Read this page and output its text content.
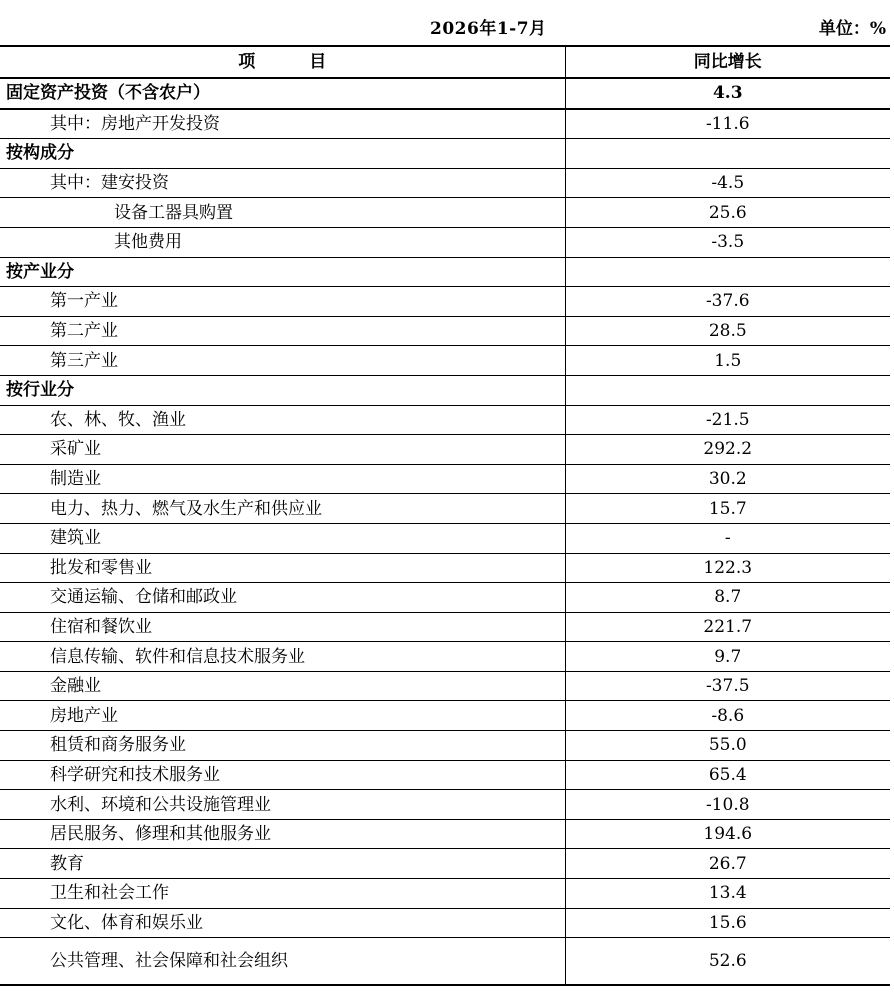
2026年1-7月	单位：%
项 目	同比增长
固定资产投资（不含农户）	4.3
其中：房地产开发投资	-11.6
按构成分	
其中：建安投资	-4.5
设备工器具购置	25.6
其他费用	-3.5
按产业分	
第一产业	-37.6
第二产业	28.5
第三产业	1.5
按行业分	
农、林、牧、渔业	-21.5
采矿业	292.2
制造业	30.2
电力、热力、燃气及水生产和供应业	15.7
建筑业	-
批发和零售业	122.3
交通运输、仓储和邮政业	8.7
住宿和餐饮业	221.7
信息传输、软件和信息技术服务业	9.7
金融业	-37.5
房地产业	-8.6
租赁和商务服务业	55.0
科学研究和技术服务业	65.4
水利、环境和公共设施管理业	-10.8
居民服务、修理和其他服务业	194.6
教育	26.7
卫生和社会工作	13.4
文化、体育和娱乐业	15.6
公共管理、社会保障和社会组织	52.6
